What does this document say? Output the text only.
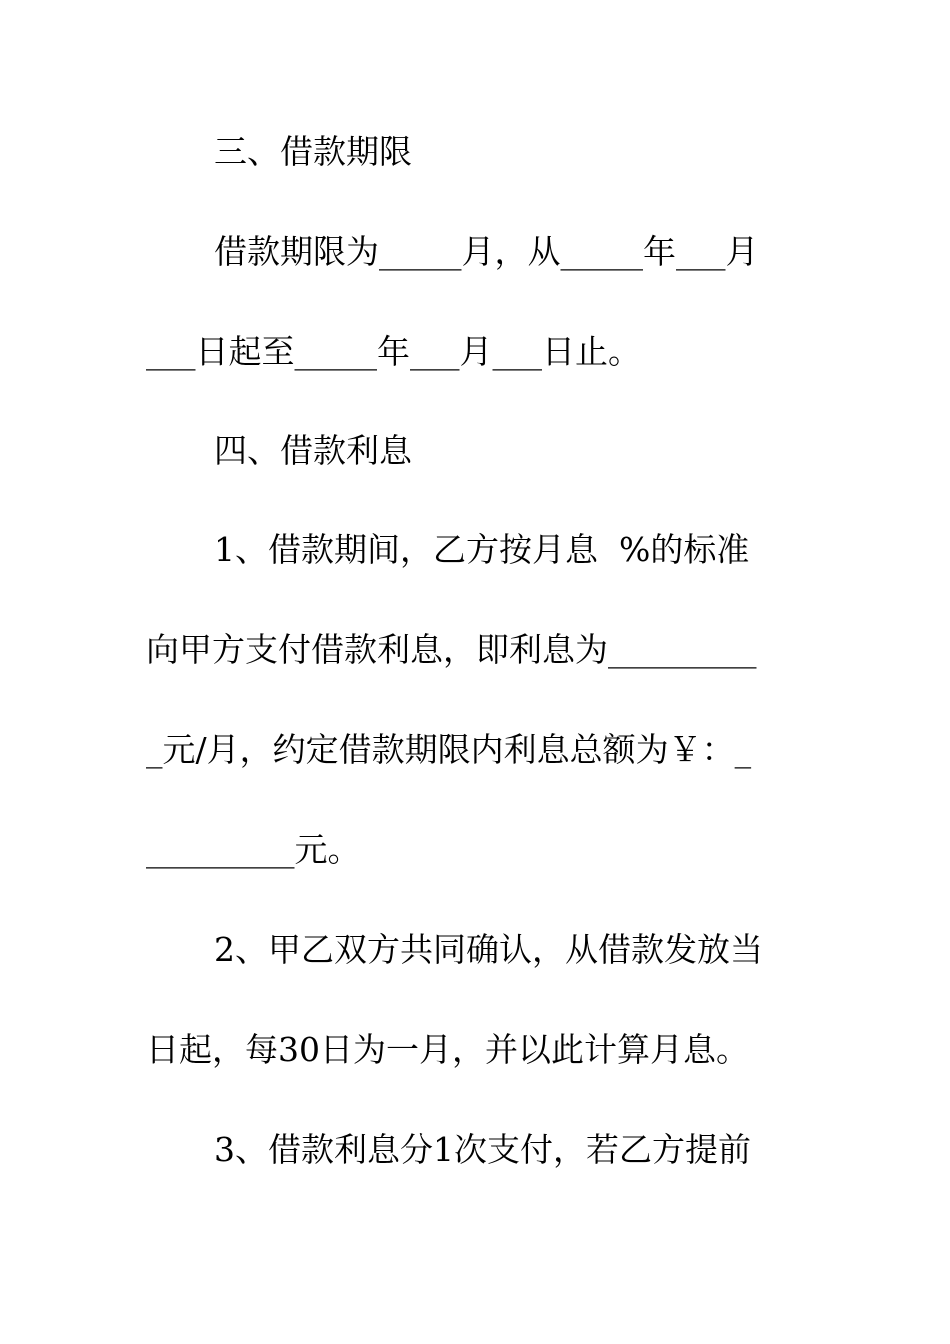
三、借款期限
借款期限为_____月，从_____年___月
___日起至_____年___月___日止。
四、借款利息
1、借款期间，乙方按月息  %的标准
向甲方支付借款利息，即利息为_________
_元/月，约定借款期限内利息总额为￥：_
_________元。
2、甲乙双方共同确认，从借款发放当
日起，每30日为一月，并以此计算月息。
3、借款利息分1次支付，若乙方提前
